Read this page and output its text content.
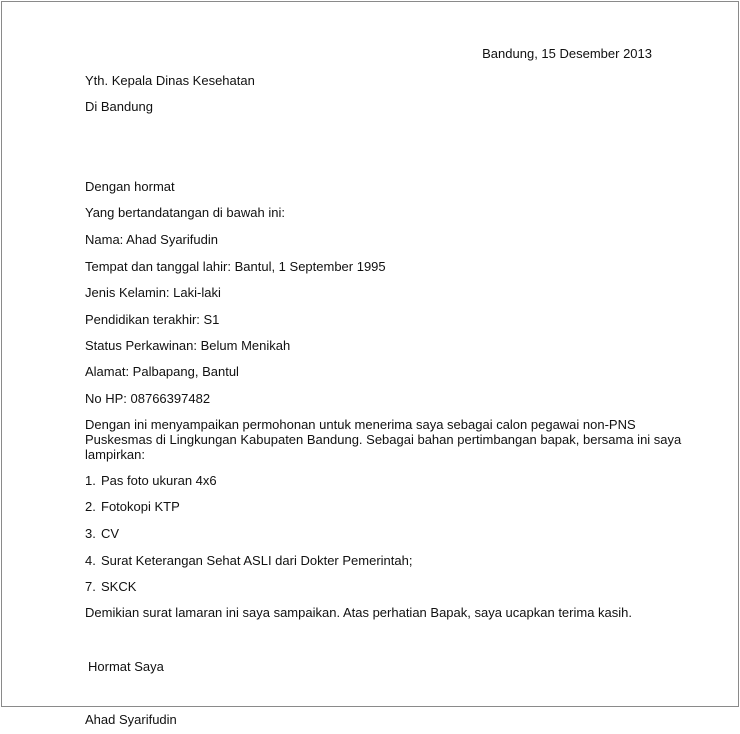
Bandung, 15 Desember 2013
Yth. Kepala Dinas Kesehatan
Di Bandung
Dengan hormat
Yang bertandatangan di bawah ini:
Nama: Ahad Syarifudin
Tempat dan tanggal lahir: Bantul, 1 September 1995
Jenis Kelamin: Laki-laki
Pendidikan terakhir: S1
Status Perkawinan: Belum Menikah
Alamat: Palbapang, Bantul
No HP: 08766397482
Dengan ini menyampaikan permohonan untuk menerima saya sebagai calon pegawai non-PNS
Puskesmas di Lingkungan Kabupaten Bandung. Sebagai bahan pertimbangan bapak, bersama ini saya
lampirkan:
1. Pas foto ukuran 4x6
2. Fotokopi KTP
3. CV
4. Surat Keterangan Sehat ASLI dari Dokter Pemerintah;
7. SKCK
Demikian surat lamaran ini saya sampaikan. Atas perhatian Bapak, saya ucapkan terima kasih.
Hormat Saya
Ahad Syarifudin
